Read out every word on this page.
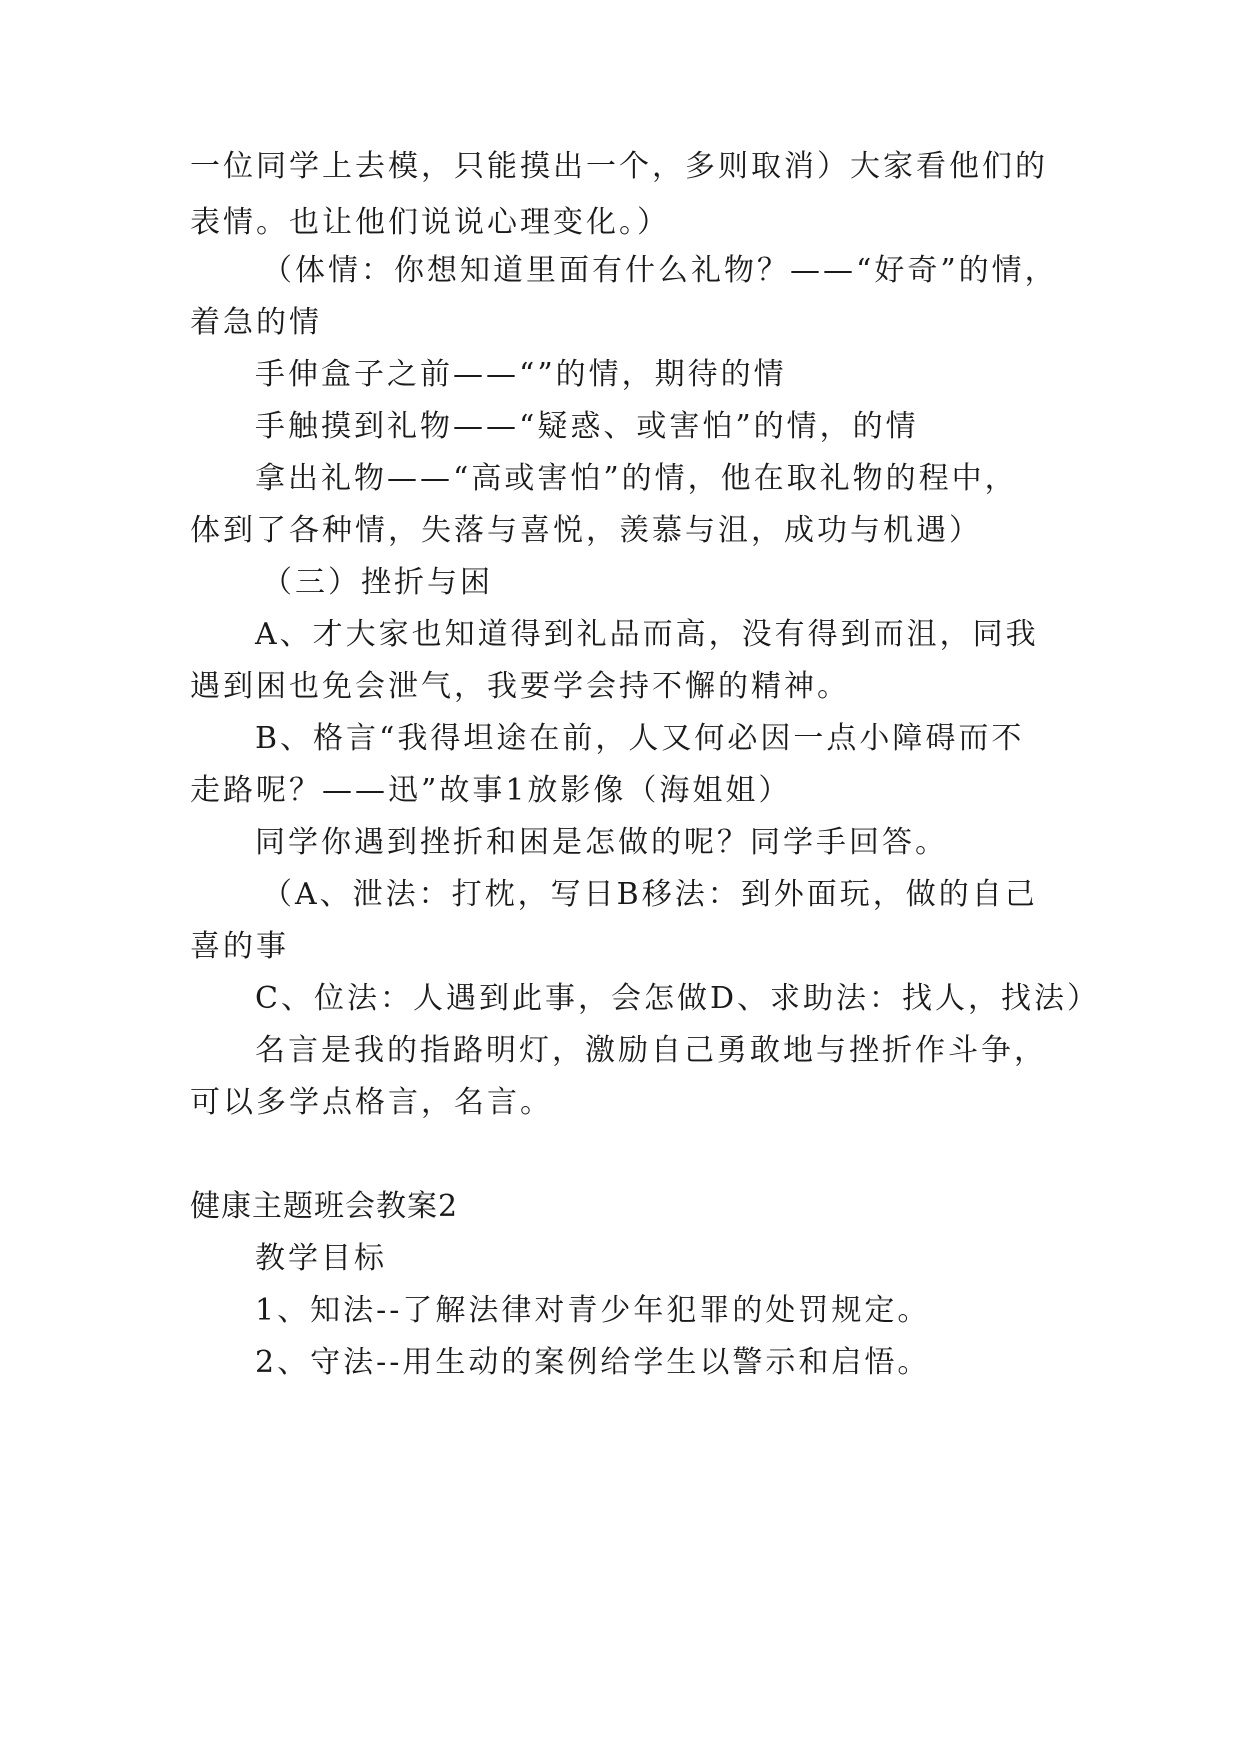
一位同学上去模，只能摸出一个，多则取消）大家看他们的
表情。也让他们说说心理变化。）
（体情：你想知道里面有什么礼物？——“好奇”的情，
着急的情
手伸盒子之前——“”的情，期待的情
手触摸到礼物——“疑惑、或害怕”的情，的情
拿出礼物——“高或害怕”的情，他在取礼物的程中，
体到了各种情，失落与喜悦，羡慕与沮，成功与机遇）
（三）挫折与困
A、才大家也知道得到礼品而高，没有得到而沮，同我
遇到困也免会泄气，我要学会持不懈的精神。
B、格言“我得坦途在前，人又何必因一点小障碍而不
走路呢？——迅”故事1放影像（海姐姐）
同学你遇到挫折和困是怎做的呢？同学手回答。
（A、泄法：打枕，写日B移法：到外面玩，做的自己
喜的事
C、位法：人遇到此事，会怎做D、求助法：找人，找法）
名言是我的指路明灯，激励自己勇敢地与挫折作斗争，
可以多学点格言，名言。
健康主题班会教案2
教学目标
1、知法--了解法律对青少年犯罪的处罚规定。
2、守法--用生动的案例给学生以警示和启悟。
